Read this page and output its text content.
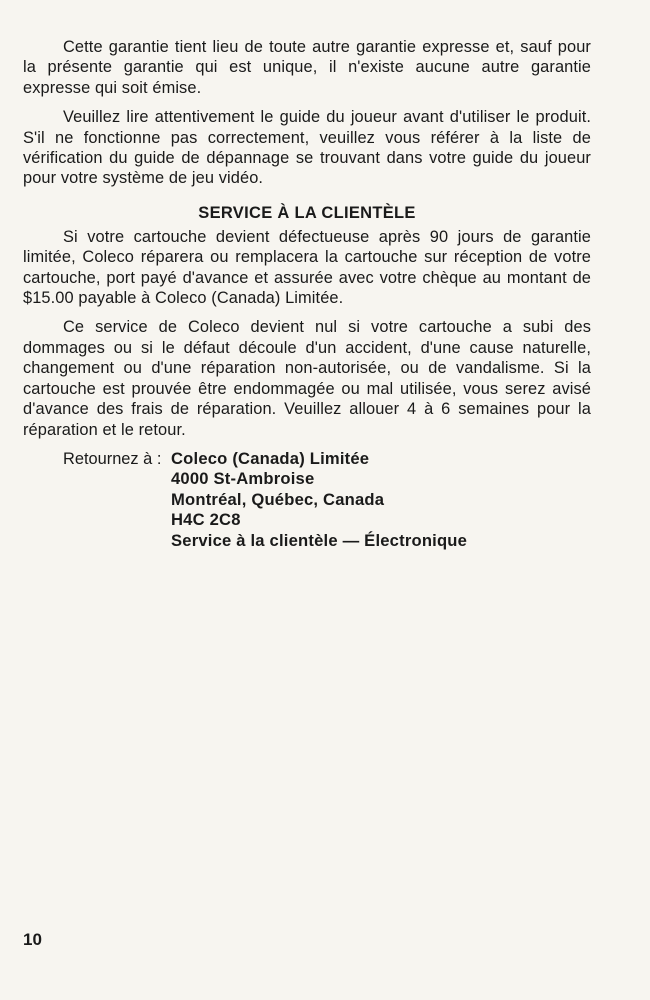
Cette garantie tient lieu de toute autre garantie expresse et, sauf pour la présente garantie qui est unique, il n'existe aucune autre garantie expresse qui soit émise.

Veuillez lire attentivement le guide du joueur avant d'utiliser le produit. S'il ne fonctionne pas correctement, veuillez vous référer à la liste de vérification du guide de dépannage se trouvant dans votre guide du joueur pour votre système de jeu vidéo.

SERVICE À LA CLIENTÈLE

Si votre cartouche devient défectueuse après 90 jours de garantie limitée, Coleco réparera ou remplacera la cartouche sur réception de votre cartouche, port payé d'avance et assurée avec votre chèque au montant de $15.00 payable à Coleco (Canada) Limitée.

Ce service de Coleco devient nul si votre cartouche a subi des dommages ou si le défaut découle d'un accident, d'une cause naturelle, changement ou d'une réparation non-autorisée, ou de vandalisme. Si la cartouche est prouvée être endommagée ou mal utilisée, vous serez avisé d'avance des frais de réparation. Veuillez allouer 4 à 6 semaines pour la réparation et le retour.

Retournez à : Coleco (Canada) Limitée
4000 St-Ambroise
Montréal, Québec, Canada
H4C 2C8
Service à la clientèle — Électronique
10
